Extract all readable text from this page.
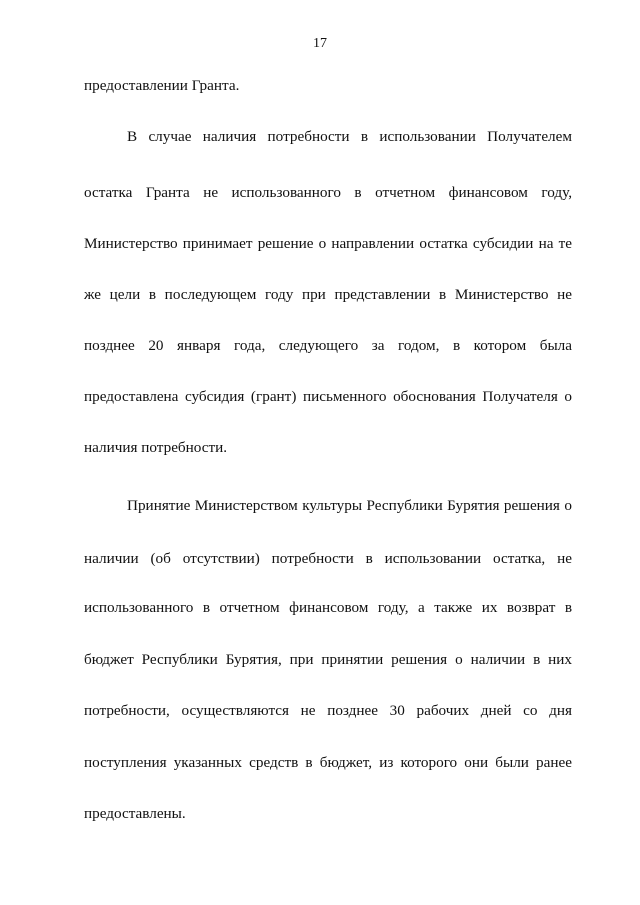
17
предоставлении Гранта.
В случае наличия потребности в использовании Получателем
остатка Гранта не использованного в отчетном финансовом году,
Министерство принимает решение о направлении остатка субсидии на те
же цели в последующем году при представлении в Министерство не
позднее 20 января года, следующего за годом, в котором была
предоставлена субсидия (грант) письменного обоснования Получателя о
наличия потребности.
Принятие Министерством культуры Республики Бурятия решения о
наличии (об отсутствии) потребности в использовании остатка, не
использованного в отчетном финансовом году, а также их возврат в
бюджет Республики Бурятия, при принятии решения о наличии в них
потребности, осуществляются не позднее 30 рабочих дней со дня
поступления указанных средств в бюджет, из которого они были ранее
предоставлены.
